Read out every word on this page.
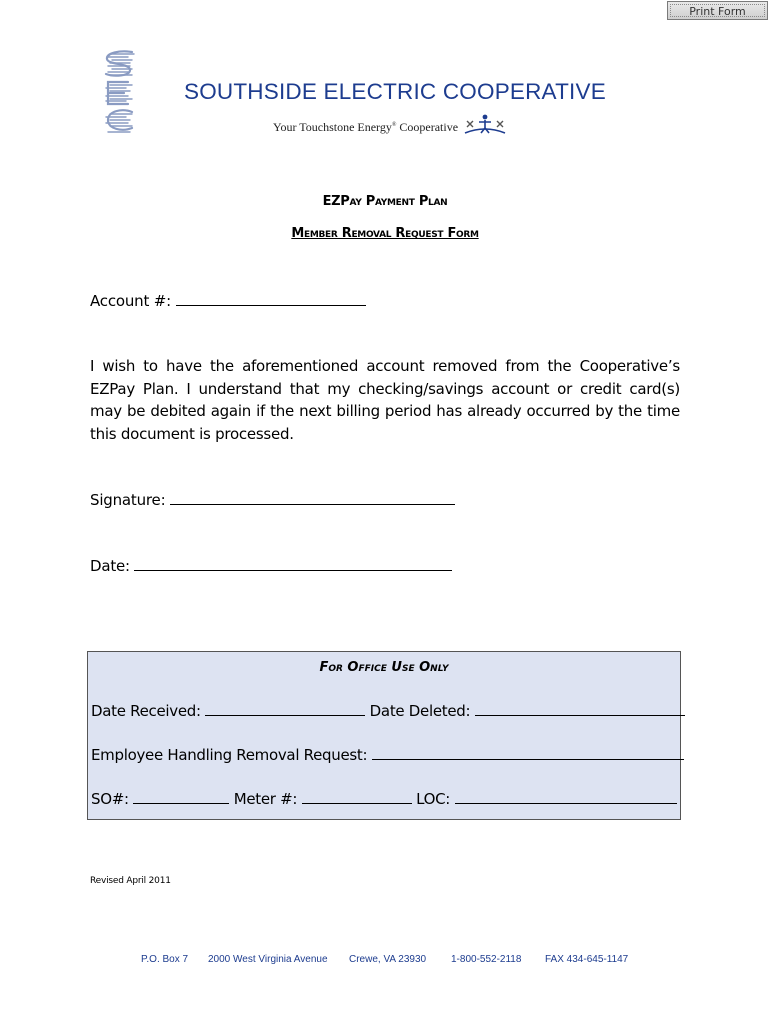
Print Form
SOUTHSIDE ELECTRIC COOPERATIVE
Your Touchstone Energy® Cooperative
EZPay Payment Plan
Member Removal Request Form
Account #:
I wish to have the aforementioned account removed from the Cooperative’s EZPay Plan. I understand that my checking/savings account or credit card(s) may be debited again if the next billing period has already occurred by the time this document is processed.
Signature:
Date:
For Office Use Only
Date Received:	Date Deleted:
Employee Handling Removal Request:
SO#:	Meter #:	LOC:
Revised April 2011
P.O. Box 7 2000 West Virginia Avenue Crewe, VA 23930 1-800-552-2118 FAX 434-645-1147
